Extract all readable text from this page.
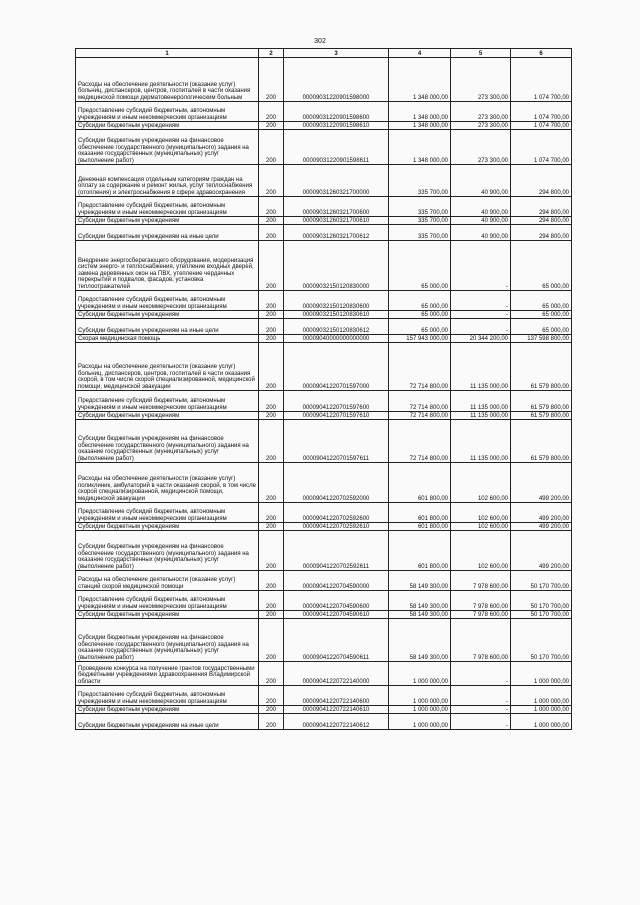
302
1	2	3	4	5	6
Расходы на обеспечение деятельности (оказание услуг) больниц, диспансеров, центров, госпиталей в части оказания медицинской помощи дерматовенерологическим больным	200	00009031220901598000	1 348 000,00	273 300,00	1 074 700,00
Предоставление субсидий бюджетным, автономным учреждениям и иным некоммерческим организациям	200	00009031220901598600	1 348 000,00	273 300,00	1 074 700,00
Субсидии бюджетным учреждениям	200	00009031220901598610	1 348 000,00	273 300,00	1 074 700,00
Субсидии бюджетным учреждениям на финансовое обеспечение государственного (муниципального) задания на оказание государственных (муниципальных) услуг (выполнение работ)	200	00009031220901598611	1 348 000,00	273 300,00	1 074 700,00
Денежная компенсация отдельным категориям граждан на оплату за содержание и ремонт жилья, услуг теплоснабжения (отопления) и электроснабжения в сфере здравоохранения	200	00009031260321700000	335 700,00	40 900,00	294 800,00
Предоставление субсидий бюджетным, автономным учреждениям и иным некоммерческим организациям	200	00009031260321700600	335 700,00	40 900,00	294 800,00
Субсидии бюджетным учреждениям	200	00009031260321700610	335 700,00	40 900,00	294 800,00
Субсидии бюджетным учреждениям на иные цели	200	00009031260321700612	335 700,00	40 900,00	294 800,00
Внедрение энергосберегающего оборудования, модернизация систем энерго- и теплоснабжения, утепление входных дверей, замена деревянных окон на ПВХ, утепление чердачных перекрытий и подвалов, фасадов, установка теплоотражателей	200	00009032150120830000	65 000,00	-	65 000,00
Предоставление субсидий бюджетным, автономным учреждениям и иным некоммерческим организациям	200	00009032150120830600	65 000,00	-	65 000,00
Субсидии бюджетным учреждениям	200	00009032150120830610	65 000,00	-	65 000,00
Субсидии бюджетным учреждениям на иные цели	200	00009032150120830612	65 000,00	-	65 000,00
Скорая медицинская помощь	200	00009040000000000000	157 943 000,00	20 344 200,00	137 598 800,00
Расходы на обеспечение деятельности (оказание услуг) больниц, диспансеров, центров, госпиталей в части оказания скорой, в том числе скорой специализированной, медицинской помощи, медицинской эвакуации	200	00009041220701597000	72 714 800,00	11 135 000,00	61 579 800,00
Предоставление субсидий бюджетным, автономным учреждениям и иным некоммерческим организациям	200	00009041220701597600	72 714 800,00	11 135 000,00	61 579 800,00
Субсидии бюджетным учреждениям	200	00009041220701597610	72 714 800,00	11 135 000,00	61 579 800,00
Субсидии бюджетным учреждениям на финансовое обеспечение государственного (муниципального) задания на оказание государственных (муниципальных) услуг (выполнение работ)	200	00009041220701597611	72 714 800,00	11 135 000,00	61 579 800,00
Расходы на обеспечение деятельности (оказание услуг) поликлиник, амбулаторий в части оказания скорой, в том числе скорой специализированной, медицинской помощи, медицинской эвакуации	200	00009041220702592000	601 800,00	102 600,00	499 200,00
Предоставление субсидий бюджетным, автономным учреждениям и иным некоммерческим организациям	200	00009041220702592600	601 800,00	102 600,00	499 200,00
Субсидии бюджетным учреждениям	200	00009041220702592610	601 800,00	102 600,00	499 200,00
Субсидии бюджетным учреждениям на финансовое обеспечение государственного (муниципального) задания на оказание государственных (муниципальных) услуг (выполнение работ)	200	00009041220702592611	601 800,00	102 600,00	499 200,00
Расходы на обеспечение деятельности (оказание услуг) станций скорой медицинской помощи	200	00009041220704590000	58 149 300,00	7 978 600,00	50 170 700,00
Предоставление субсидий бюджетным, автономным учреждениям и иным некоммерческим организациям	200	00009041220704590600	58 149 300,00	7 978 600,00	50 170 700,00
Субсидии бюджетным учреждениям	200	00009041220704590610	58 149 300,00	7 978 600,00	50 170 700,00
Субсидии бюджетным учреждениям на финансовое обеспечение государственного (муниципального) задания на оказание государственных (муниципальных) услуг (выполнение работ)	200	00009041220704590611	58 149 300,00	7 978 600,00	50 170 700,00
Проведение конкурса на получение грантов государственными бюджетными учреждениями здравоохранения Владимирской области	200	00009041220722140000	1 000 000,00	-	1 000 000,00
Предоставление субсидий бюджетным, автономным учреждениям и иным некоммерческим организациям	200	00009041220722140600	1 000 000,00	-	1 000 000,00
Субсидии бюджетным учреждениям	200	00009041220722140610	1 000 000,00	-	1 000 000,00
Субсидии бюджетным учреждениям на иные цели	200	00009041220722140612	1 000 000,00	-	1 000 000,00
